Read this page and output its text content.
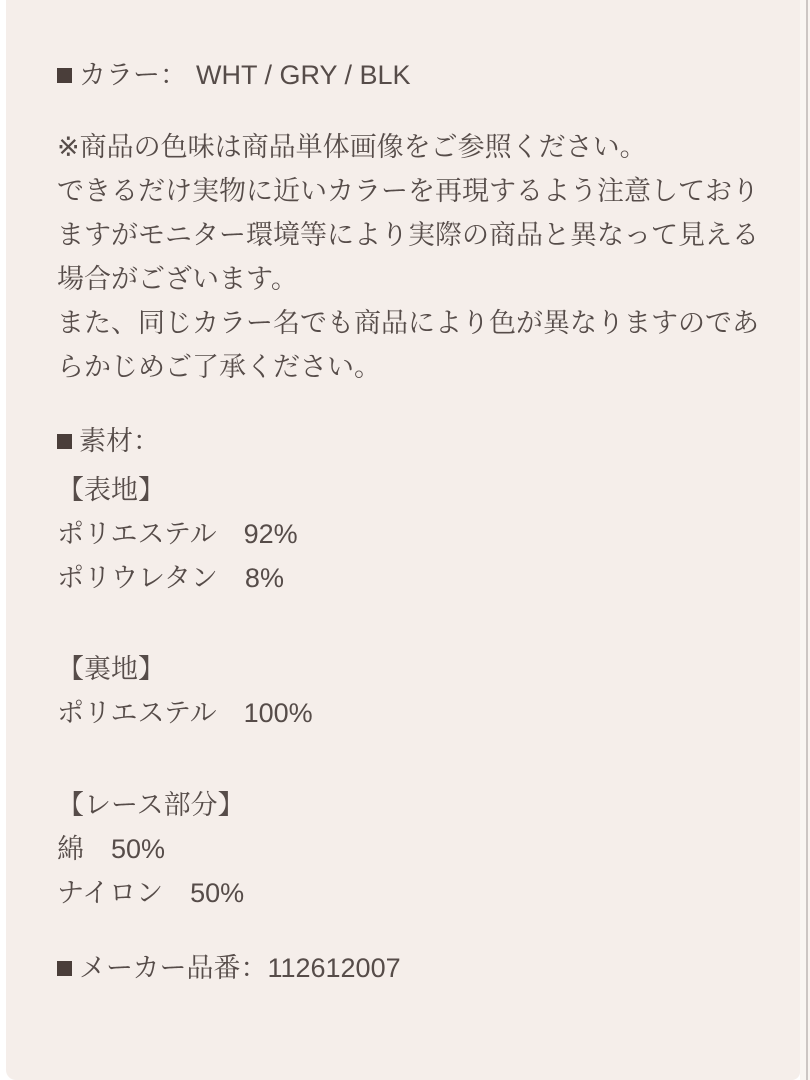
カラー： WHT / GRY / BLK
※商品の色味は商品単体画像をご参照ください。
できるだけ実物に近いカラーを再現するよう注意しており
ますがモニター環境等により実際の商品と異なって見える
場合がございます。
また、同じカラー名でも商品により色が異なりますのであ
らかじめご了承ください。
素材：
【表地】
ポリエステル 92%
ポリウレタン 8%
【裏地】
ポリエステル 100%
【レース部分】
綿 50%
ナイロン 50%
メーカー品番：112612007
